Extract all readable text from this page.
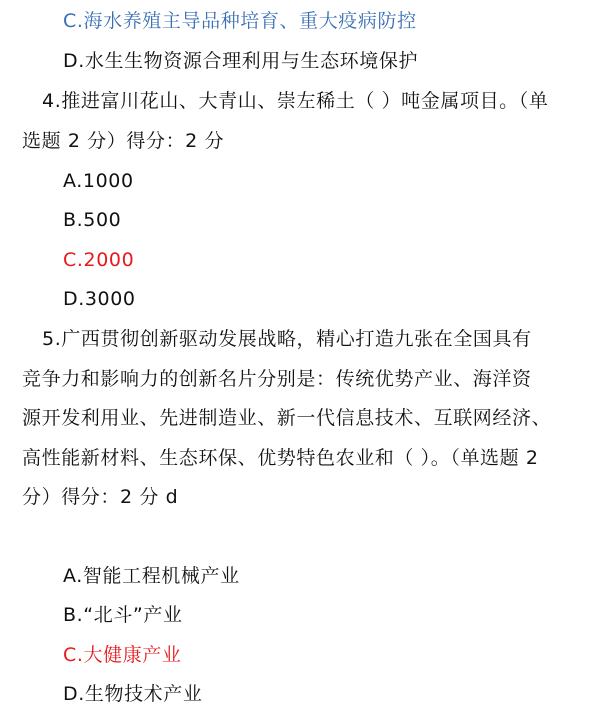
C.海水养殖主导品种培育、重大疫病防控
D.水生生物资源合理利用与生态环境保护
4.推进富川花山、大青山、崇左稀土（ ）吨金属项目。（单
选题 2 分）得分：2 分
A.1000
B.500
C.2000
D.3000
5.广西贯彻创新驱动发展战略，精心打造九张在全国具有
竞争力和影响力的创新名片分别是：传统优势产业、海洋资
源开发利用业、先进制造业、新一代信息技术、互联网经济、
高性能新材料、生态环保、优势特色农业和（ ）。（单选题 2
分）得分：2 分 d
A.智能工程机械产业
B.“北斗”产业
C.大健康产业
D.生物技术产业
